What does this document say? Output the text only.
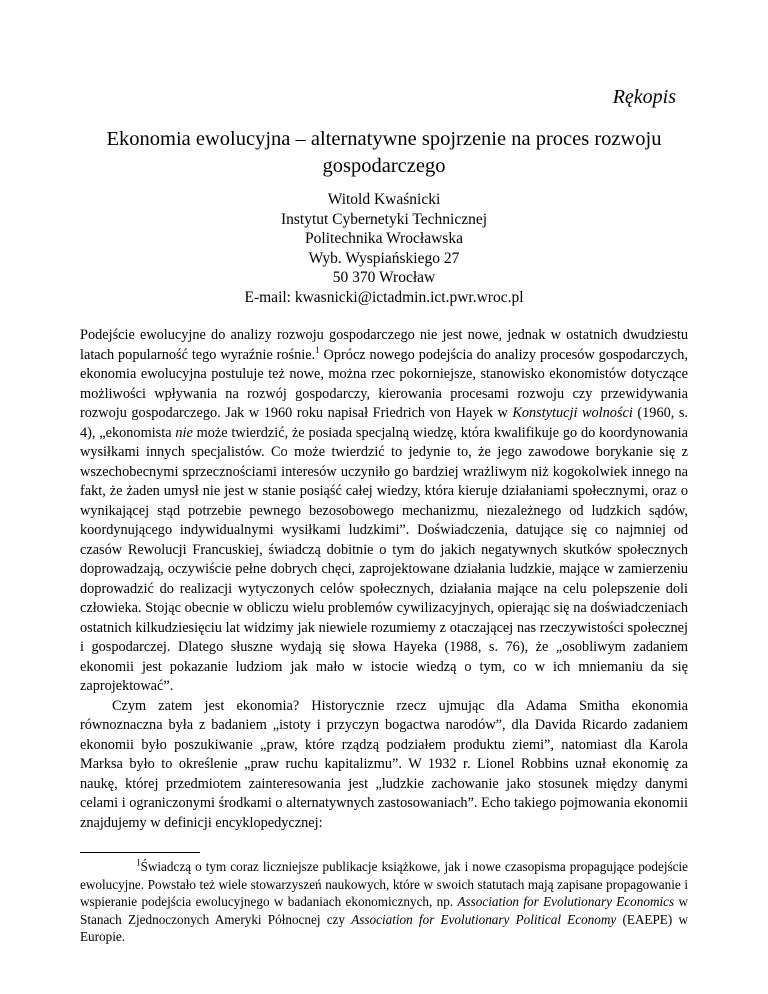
Rękopis
Ekonomia ewolucyjna – alternatywne spojrzenie na proces rozwoju gospodarczego
Witold Kwaśnicki
Instytut Cybernetyki Technicznej
Politechnika Wrocławska
Wyb. Wyspiańskiego 27
50 370 Wrocław
E-mail: kwasnicki@ictadmin.ict.pwr.wroc.pl

Podejście ewolucyjne do analizy rozwoju gospodarczego nie jest nowe, jednak w ostatnich dwudziestu latach popularność tego wyraźnie rośnie.$^1$ Oprócz nowego podejścia do analizy procesów gospodarczych, ekonomia ewolucyjna postuluje też nowe, można rzec pokorniejsze, stanowisko ekonomistów dotyczące możliwości wpływania na rozwój gospodarczy, kierowania procesami rozwoju czy przewidywania rozwoju gospodarczego. Jak w 1960 roku napisał Friedrich von Hayek w Konstytucji wolności (1960, s. 4), „ekonomista nie może twierdzić, że posiada specjalną wiedzę, która kwalifikuje go do koordynowania wysiłkami innych specjalistów. Co może twierdzić to jedynie to, że jego zawodowe borykanie się z wszechobecnymi sprzecznościami interesów uczyniło go bardziej wrażliwym niż kogokolwiek innego na fakt, że żaden umysł nie jest w stanie posiąść całej wiedzy, która kieruje działaniami społecznymi, oraz o wynikającej stąd potrzebie pewnego bezosobowego mechanizmu, niezależnego od ludzkich sądów, koordynującego indywidualnymi wysiłkami ludzkimi”. Doświadczenia, datujące się co najmniej od czasów Rewolucji Francuskiej, świadczą dobitnie o tym do jakich negatywnych skutków społecznych doprowadzają, oczywiście pełne dobrych chęci, zaprojektowane działania ludzkie, mające w zamierzeniu doprowadzić do realizacji wytyczonych celów społecznych, działania mające na celu polepszenie doli człowieka. Stojąc obecnie w obliczu wielu problemów cywilizacyjnych, opierając się na doświadczeniach ostatnich kilkudziesięciu lat widzimy jak niewiele rozumiemy z otaczającej nas rzeczywistości społecznej i gospodarczej. Dlatego słuszne wydają się słowa Hayeka (1988, s. 76), że „osobliwym zadaniem ekonomii jest pokazanie ludziom jak mało w istocie wiedzą o tym, co w ich mniemaniu da się zaprojektować”.

Czym zatem jest ekonomia? Historycznie rzecz ujmując dla Adama Smitha ekonomia równoznaczna była z badaniem „istoty i przyczyn bogactwa narodów”, dla Davida Ricardo zadaniem ekonomii było poszukiwanie „praw, które rządzą podziałem produktu ziemi”, natomiast dla Karola Marksa było to określenie „praw ruchu kapitalizmu”. W 1932 r. Lionel Robbins uznał ekonomię za naukę, której przedmiotem zainteresowania jest „ludzkie zachowanie jako stosunek między danymi celami i ograniczonymi środkami o alternatywnych zastosowaniach”. Echo takiego pojmowania ekonomii znajdujemy w definicji encyklopedycznej:

$^1$Świadczą o tym coraz liczniejsze publikacje książkowe, jak i nowe czasopisma propagujące podejście ewolucyjne. Powstało też wiele stowarzyszeń naukowych, które w swoich statutach mają zapisane propagowanie i wspieranie podejścia ewolucyjnego w badaniach ekonomicznych, np. Association for Evolutionary Economics w Stanach Zjednoczonych Ameryki Północnej czy Association for Evolutionary Political Economy (EAEPE) w Europie.
